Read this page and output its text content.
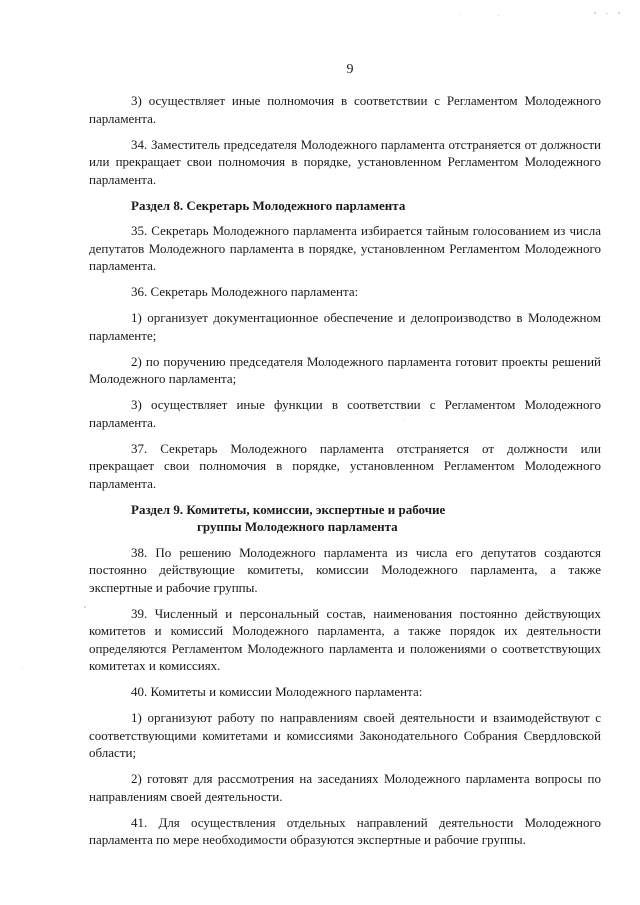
9

3) осуществляет иные полномочия в соответствии с Регламентом Молодежного парламента.

34. Заместитель председателя Молодежного парламента отстраняется от должности или прекращает свои полномочия в порядке, установленном Регламентом Молодежного парламента.

Раздел 8. Секретарь Молодежного парламента

35. Секретарь Молодежного парламента избирается тайным голосованием из числа депутатов Молодежного парламента в порядке, установленном Регламентом Молодежного парламента.

36. Секретарь Молодежного парламента:

1) организует документационное обеспечение и делопроизводство в Молодежном парламенте;

2) по поручению председателя Молодежного парламента готовит проекты решений Молодежного парламента;

3) осуществляет иные функции в соответствии с Регламентом Молодежного парламента.

37. Секретарь Молодежного парламента отстраняется от должности или прекращает свои полномочия в порядке, установленном Регламентом Молодежного парламента.

Раздел 9. Комитеты, комиссии, экспертные и рабочие
группы Молодежного парламента

38. По решению Молодежного парламента из числа его депутатов создаются постоянно действующие комитеты, комиссии Молодежного парламента, а также экспертные и рабочие группы.

39. Численный и персональный состав, наименования постоянно действующих комитетов и комиссий Молодежного парламента, а также порядок их деятельности определяются Регламентом Молодежного парламента и положениями о соответствующих комитетах и комиссиях.

40. Комитеты и комиссии Молодежного парламента:

1) организуют работу по направлениям своей деятельности и взаимодействуют с соответствующими комитетами и комиссиями Законодательного Собрания Свердловской области;

2) готовят для рассмотрения на заседаниях Молодежного парламента вопросы по направлениям своей деятельности.

41. Для осуществления отдельных направлений деятельности Молодежного парламента по мере необходимости образуются экспертные и рабочие группы.
